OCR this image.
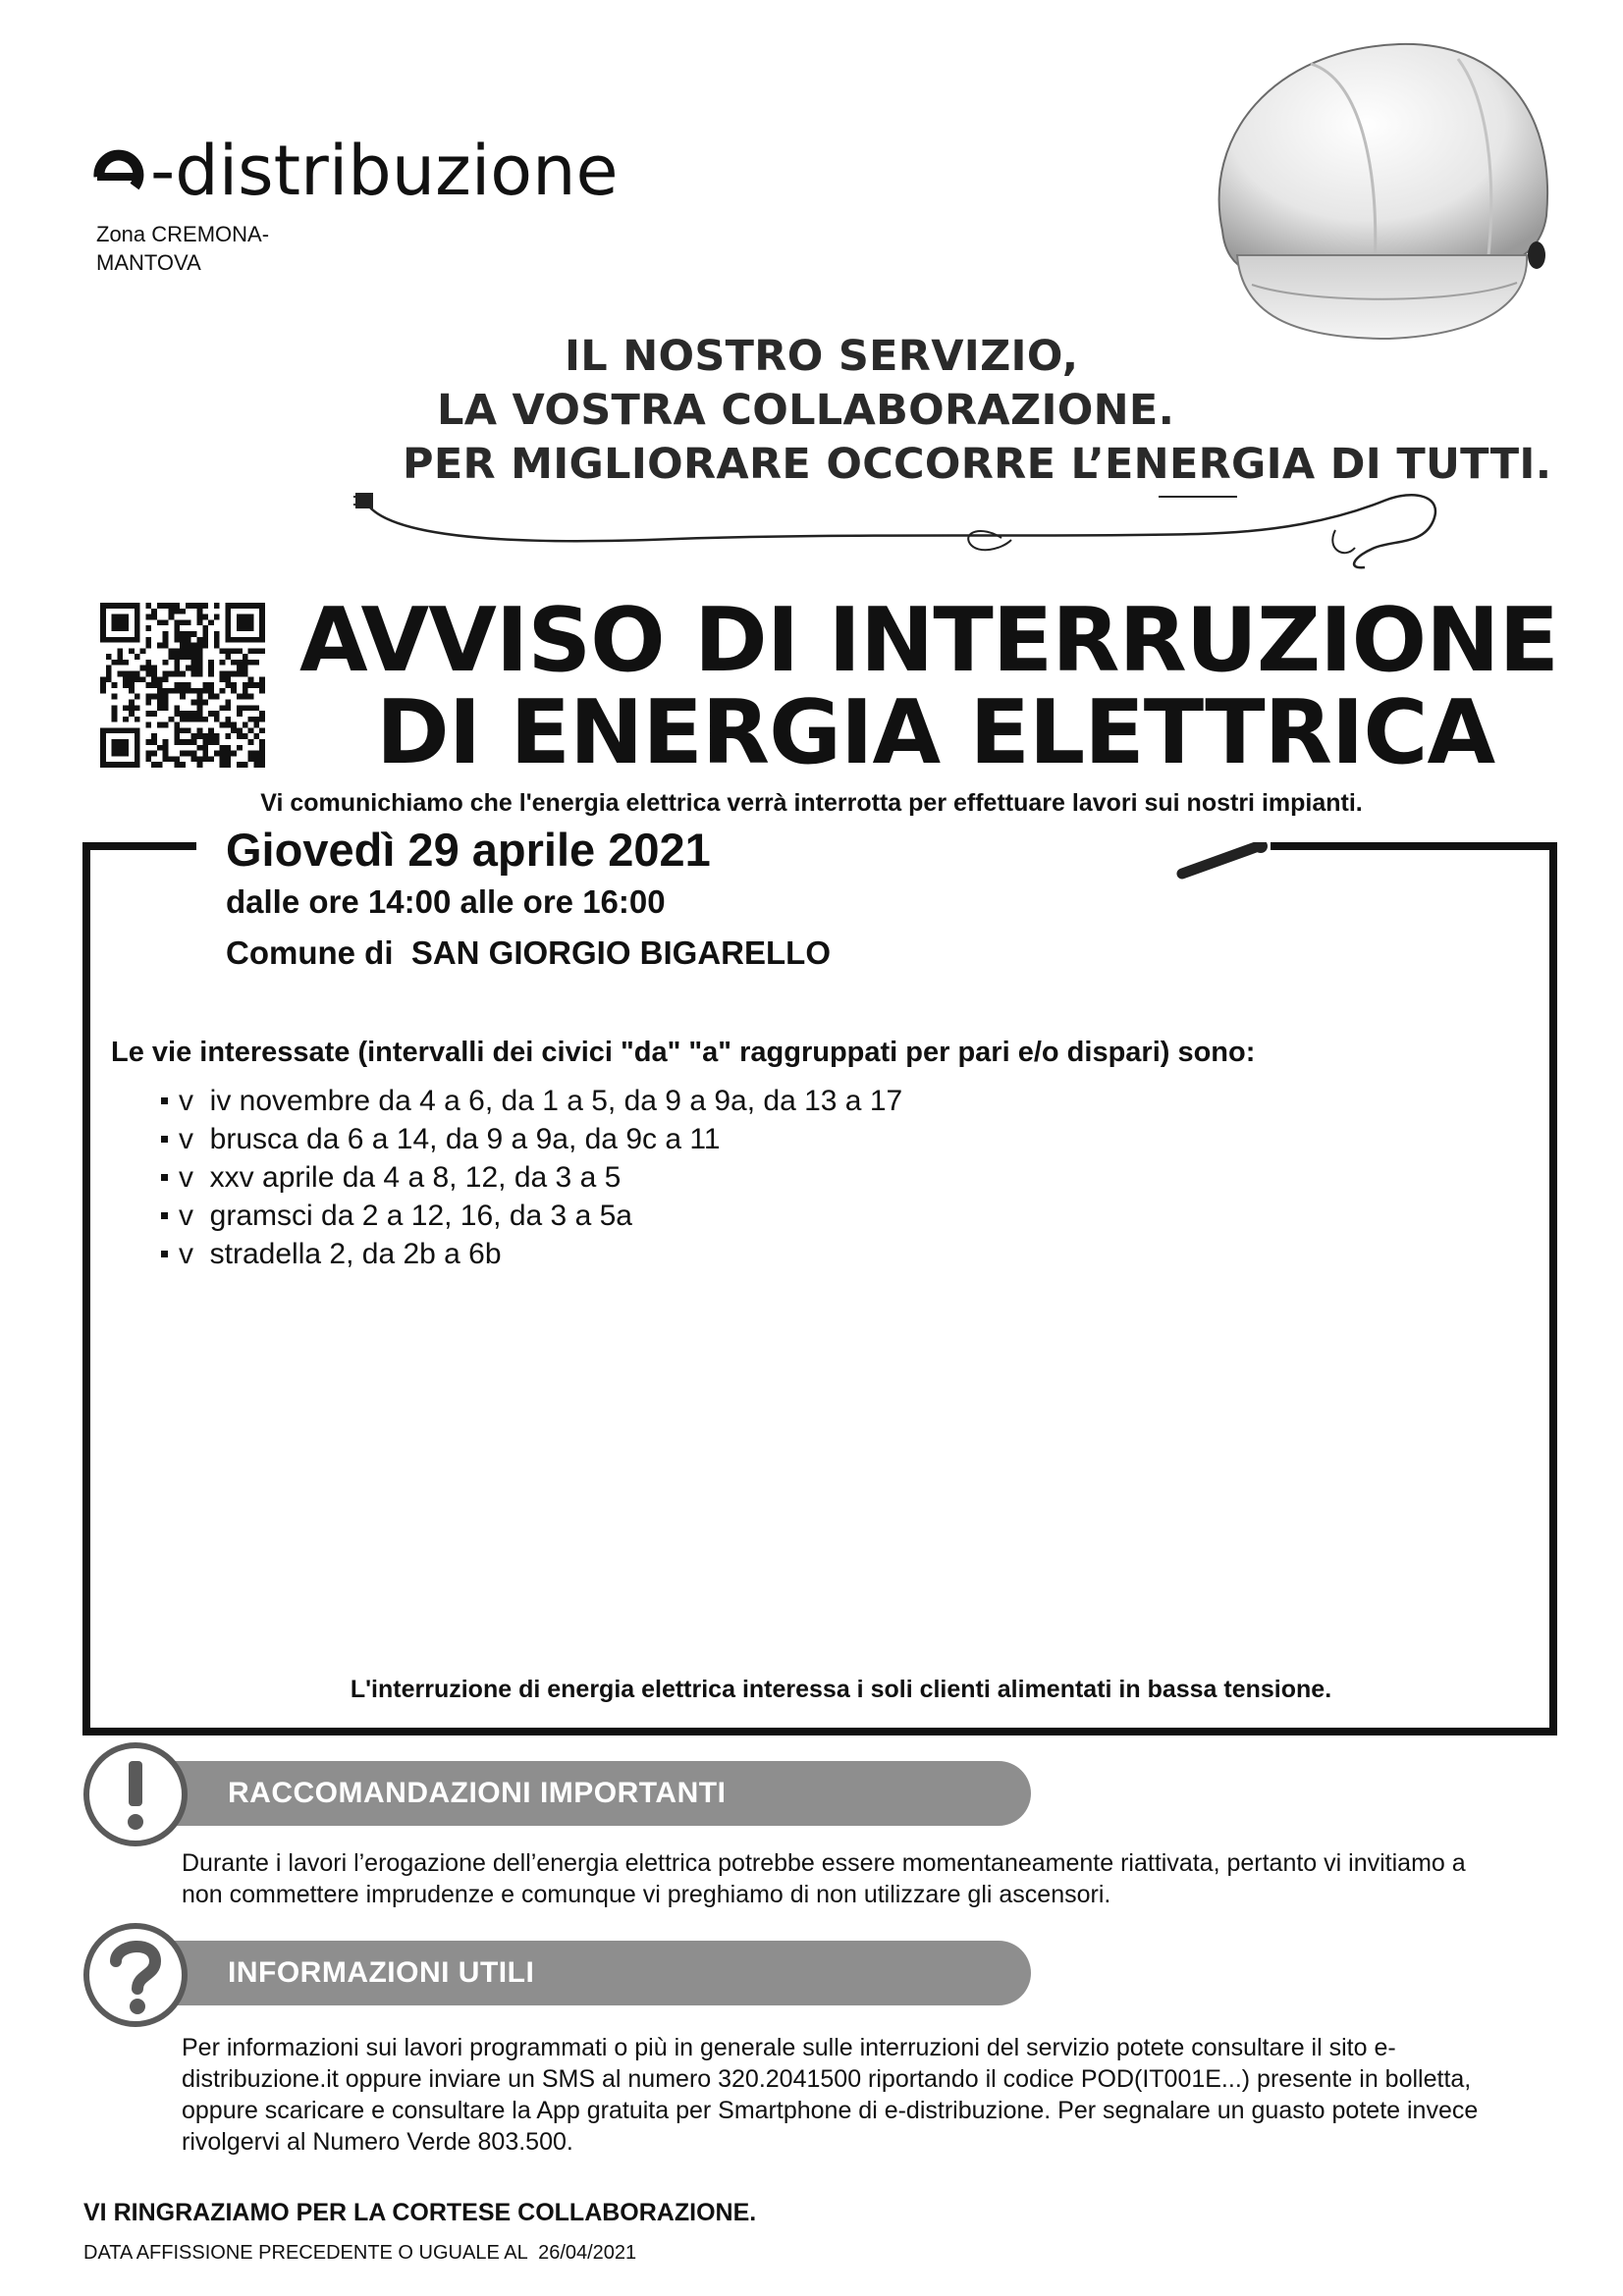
-distribuzione
Zona CREMONA-
MANTOVA
IL NOSTRO SERVIZIO,
LA VOSTRA COLLABORAZIONE.
PER MIGLIORARE OCCORRE L’ENERGIA DI TUTTI.
AVVISO DI INTERRUZIONE
DI ENERGIA ELETTRICA
Vi comunichiamo che l'energia elettrica verrà interrotta per effettuare lavori sui nostri impianti.
Giovedì 29 aprile 2021
dalle ore 14:00 alle ore 16:00
Comune di  SAN GIORGIO BIGARELLO
Le vie interessate (intervalli dei civici "da" "a" raggruppati per pari e/o dispari) sono:
v  iv novembre da 4 a 6, da 1 a 5, da 9 a 9a, da 13 a 17
v  brusca da 6 a 14, da 9 a 9a, da 9c a 11
v  xxv aprile da 4 a 8, 12, da 3 a 5
v  gramsci da 2 a 12, 16, da 3 a 5a
v  stradella 2, da 2b a 6b
L'interruzione di energia elettrica interessa i soli clienti alimentati in bassa tensione.
RACCOMANDAZIONI IMPORTANTI
Durante i lavori l’erogazione dell’energia elettrica potrebbe essere momentaneamente riattivata, pertanto vi invitiamo a non commettere imprudenze e comunque vi preghiamo di non utilizzare gli ascensori.
INFORMAZIONI UTILI
Per informazioni sui lavori programmati o più in generale sulle interruzioni del servizio potete consultare il sito e-distribuzione.it oppure inviare un SMS al numero 320.2041500 riportando il codice POD(IT001E...) presente in bolletta, oppure scaricare e consultare la App gratuita per Smartphone di e-distribuzione. Per segnalare un guasto potete invece rivolgervi al Numero Verde 803.500.
VI RINGRAZIAMO PER LA CORTESE COLLABORAZIONE.
DATA AFFISSIONE PRECEDENTE O UGUALE AL  26/04/2021
